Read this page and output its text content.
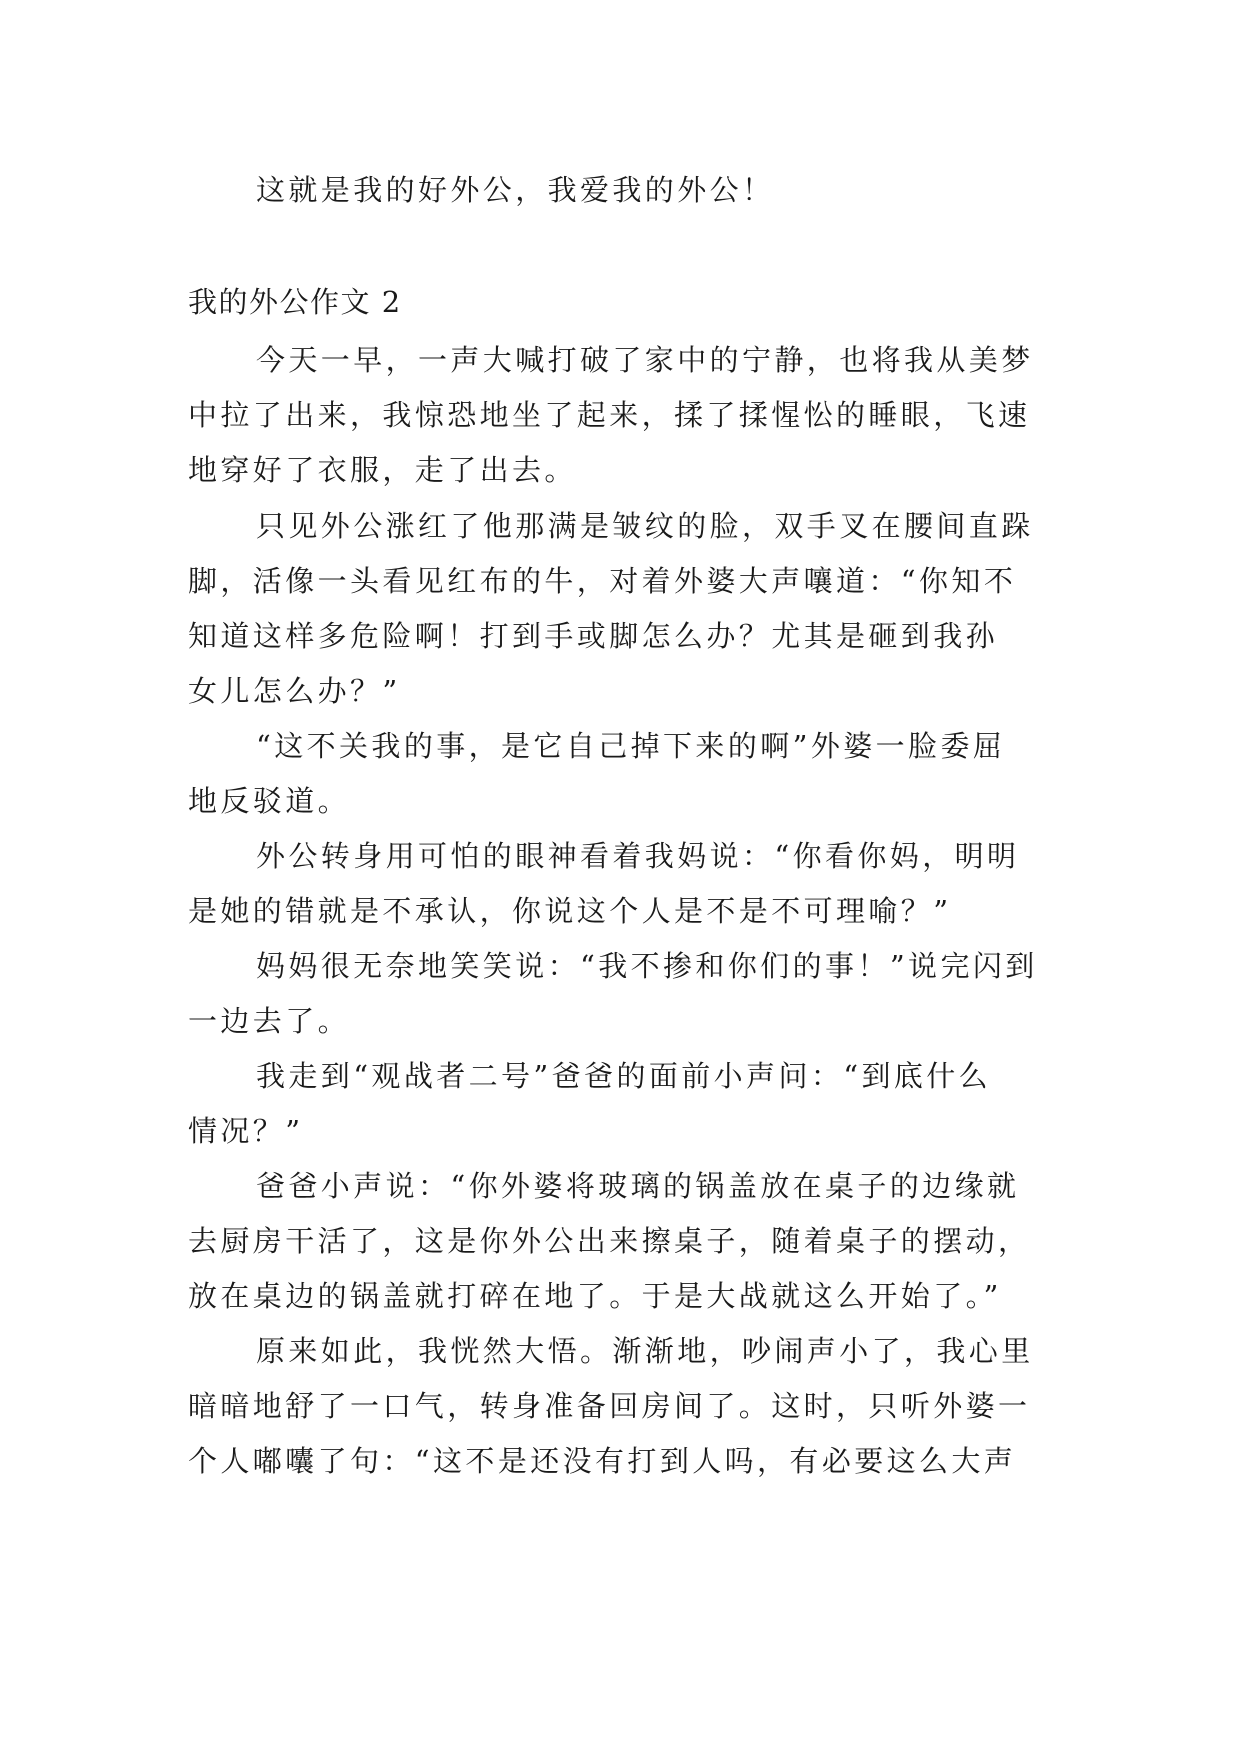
这就是我的好外公，我爱我的外公！
我的外公作文 2
今天一早，一声大喊打破了家中的宁静，也将我从美梦
中拉了出来，我惊恐地坐了起来，揉了揉惺忪的睡眼，飞速
地穿好了衣服，走了出去。
只见外公涨红了他那满是皱纹的脸，双手叉在腰间直跺
脚，活像一头看见红布的牛，对着外婆大声嚷道：“你知不
知道这样多危险啊！打到手或脚怎么办？尤其是砸到我孙
女儿怎么办？”
“这不关我的事，是它自己掉下来的啊”外婆一脸委屈
地反驳道。
外公转身用可怕的眼神看着我妈说：“你看你妈，明明
是她的错就是不承认，你说这个人是不是不可理喻？”
妈妈很无奈地笑笑说：“我不掺和你们的事！”说完闪到
一边去了。
我走到“观战者二号”爸爸的面前小声问：“到底什么
情况？”
爸爸小声说：“你外婆将玻璃的锅盖放在桌子的边缘就
去厨房干活了，这是你外公出来擦桌子，随着桌子的摆动，
放在桌边的锅盖就打碎在地了。于是大战就这么开始了。”
原来如此，我恍然大悟。渐渐地，吵闹声小了，我心里
暗暗地舒了一口气，转身准备回房间了。这时，只听外婆一
个人嘟囔了句：“这不是还没有打到人吗，有必要这么大声
